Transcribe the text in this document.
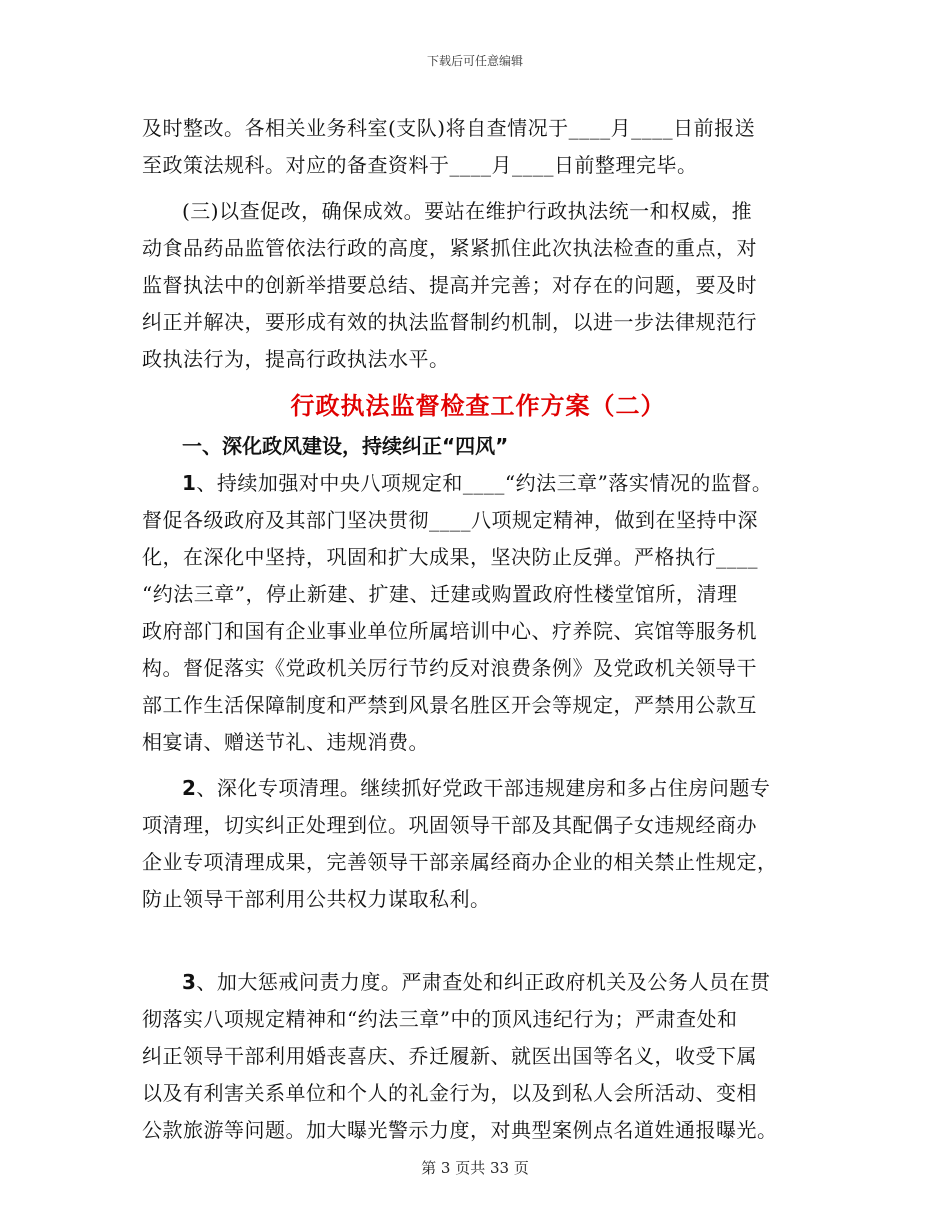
下载后可任意编辑
及时整改。各相关业务科室(支队)将自查情况于____月____日前报送
至政策法规科。对应的备查资料于____月____日前整理完毕。
(三)以查促改，确保成效。要站在维护行政执法统一和权威，推
动食品药品监管依法行政的高度，紧紧抓住此次执法检查的重点，对
监督执法中的创新举措要总结、提高并完善；对存在的问题，要及时
纠正并解决，要形成有效的执法监督制约机制，以进一步法律规范行
政执法行为，提高行政执法水平。
行政执法监督检查工作方案（二）
一、深化政风建设，持续纠正“四风”
1、持续加强对中央八项规定和____“约法三章”落实情况的监督。
督促各级政府及其部门坚决贯彻____八项规定精神，做到在坚持中深
化，在深化中坚持，巩固和扩大成果，坚决防止反弹。严格执行____
“约法三章”，停止新建、扩建、迁建或购置政府性楼堂馆所，清理
政府部门和国有企业事业单位所属培训中心、疗养院、宾馆等服务机
构。督促落实《党政机关厉行节约反对浪费条例》及党政机关领导干
部工作生活保障制度和严禁到风景名胜区开会等规定，严禁用公款互
相宴请、赠送节礼、违规消费。
2、深化专项清理。继续抓好党政干部违规建房和多占住房问题专
项清理，切实纠正处理到位。巩固领导干部及其配偶子女违规经商办
企业专项清理成果，完善领导干部亲属经商办企业的相关禁止性规定，
防止领导干部利用公共权力谋取私利。
3、加大惩戒问责力度。严肃查处和纠正政府机关及公务人员在贯
彻落实八项规定精神和“约法三章”中的顶风违纪行为；严肃查处和
纠正领导干部利用婚丧喜庆、乔迁履新、就医出国等名义，收受下属
以及有利害关系单位和个人的礼金行为，以及到私人会所活动、变相
公款旅游等问题。加大曝光警示力度，对典型案例点名道姓通报曝光。
第 3 页共 33 页
